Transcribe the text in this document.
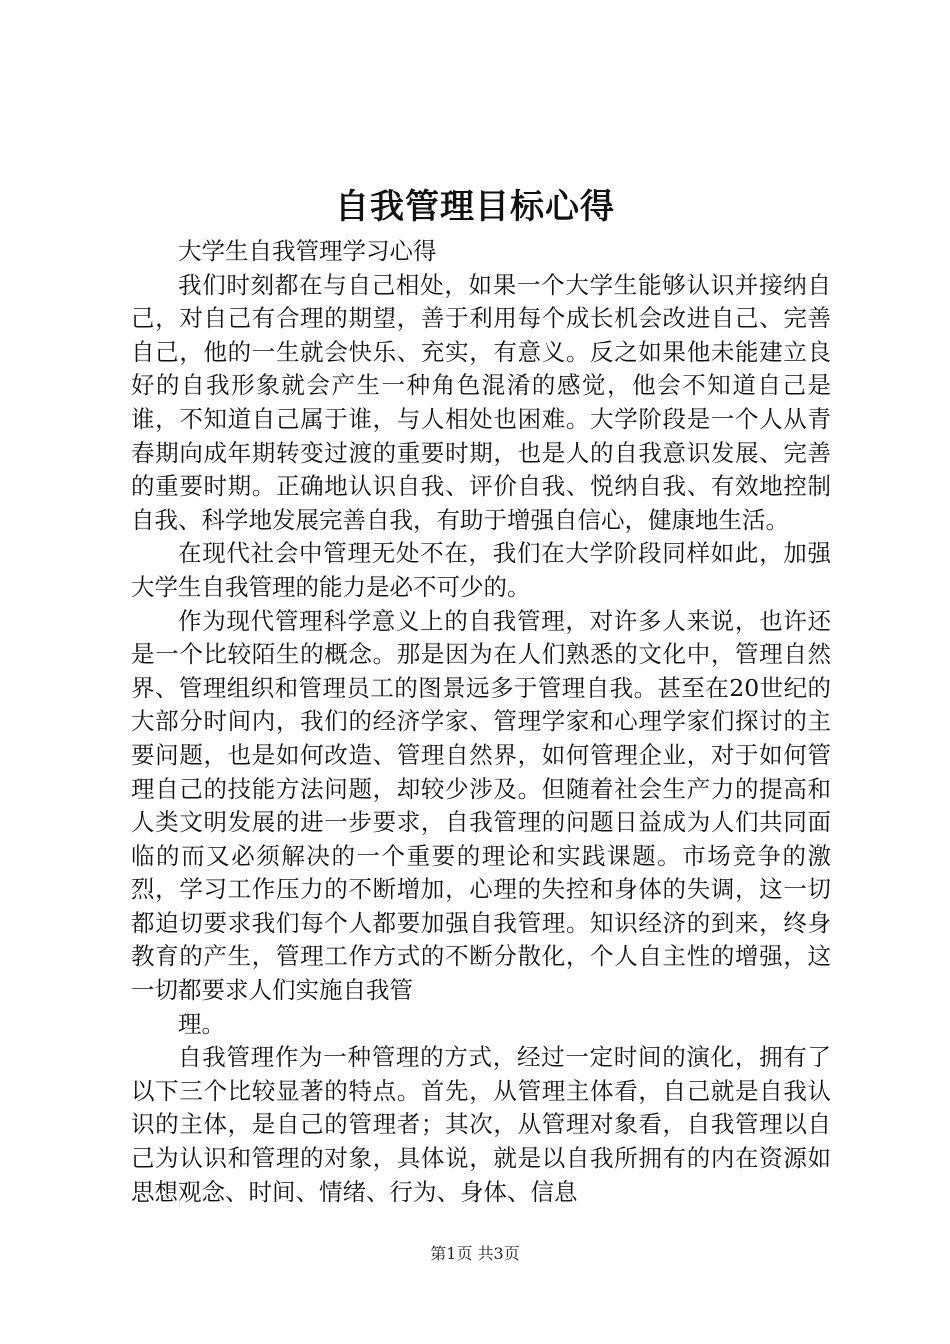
自我管理目标心得

大学生自我管理学习心得

我们时刻都在与自己相处，如果一个大学生能够认识并接纳自己，对自己有合理的期望，善于利用每个成长机会改进自己、完善自己，他的一生就会快乐、充实，有意义。反之如果他未能建立良好的自我形象就会产生一种角色混淆的感觉，他会不知道自己是谁，不知道自己属于谁，与人相处也困难。大学阶段是一个人从青春期向成年期转变过渡的重要时期，也是人的自我意识发展、完善的重要时期。正确地认识自我、评价自我、悦纳自我、有效地控制自我、科学地发展完善自我，有助于增强自信心，健康地生活。

在现代社会中管理无处不在，我们在大学阶段同样如此，加强大学生自我管理的能力是必不可少的。

作为现代管理科学意义上的自我管理，对许多人来说，也许还是一个比较陌生的概念。那是因为在人们熟悉的文化中，管理自然界、管理组织和管理员工的图景远多于管理自我。甚至在20世纪的大部分时间内，我们的经济学家、管理学家和心理学家们探讨的主要问题，也是如何改造、管理自然界，如何管理企业，对于如何管理自己的技能方法问题，却较少涉及。但随着社会生产力的提高和人类文明发展的进一步要求，自我管理的问题日益成为人们共同面临的而又必须解决的一个重要的理论和实践课题。市场竞争的激烈，学习工作压力的不断增加，心理的失控和身体的失调，这一切都迫切要求我们每个人都要加强自我管理。知识经济的到来，终身教育的产生，管理工作方式的不断分散化，个人自主性的增强，这一切都要求人们实施自我管

理。

自我管理作为一种管理的方式，经过一定时间的演化，拥有了以下三个比较显著的特点。首先，从管理主体看，自己就是自我认识的主体，是自己的管理者；其次，从管理对象看，自我管理以自己为认识和管理的对象，具体说，就是以自我所拥有的内在资源如思想观念、时间、情绪、行为、身体、信息

第1页 共3页
